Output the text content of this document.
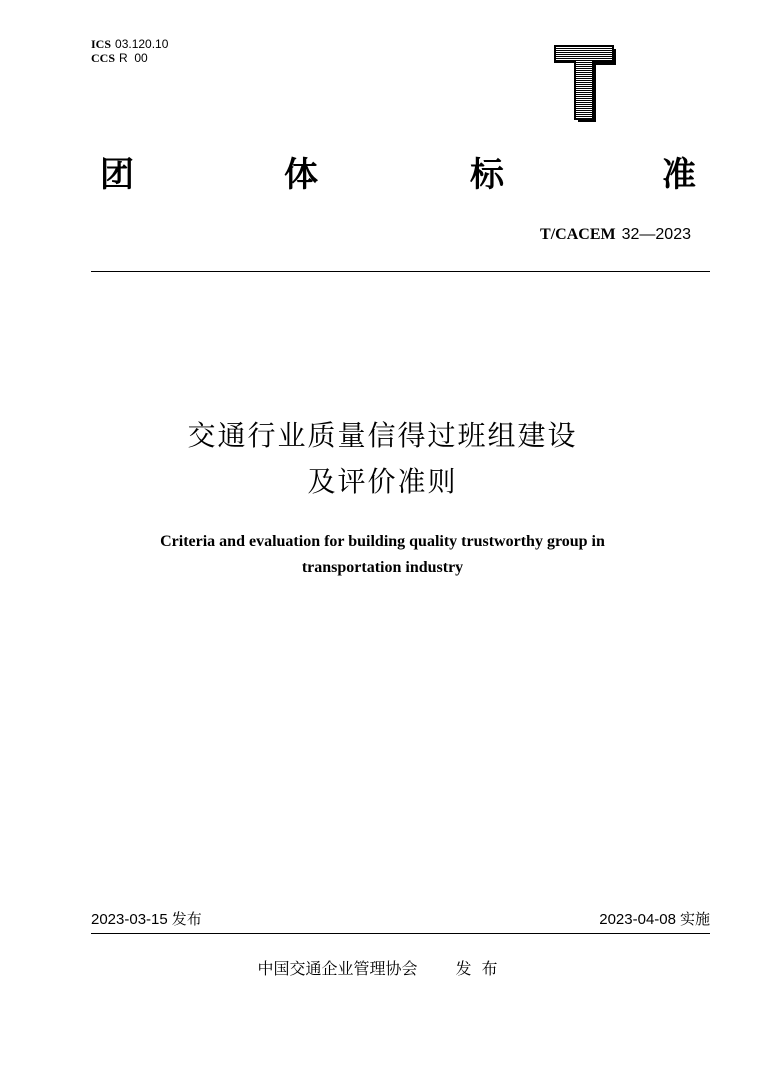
ICS 03.120.10
CCS R  00
团	体	标	准
T/CACEM 32—2023
交通行业质量信得过班组建设
及评价准则
Criteria and evaluation for building quality trustworthy group in
transportation industry
2023-03-15 发布	2023-04-08 实施
中国交通企业管理协会 发布
